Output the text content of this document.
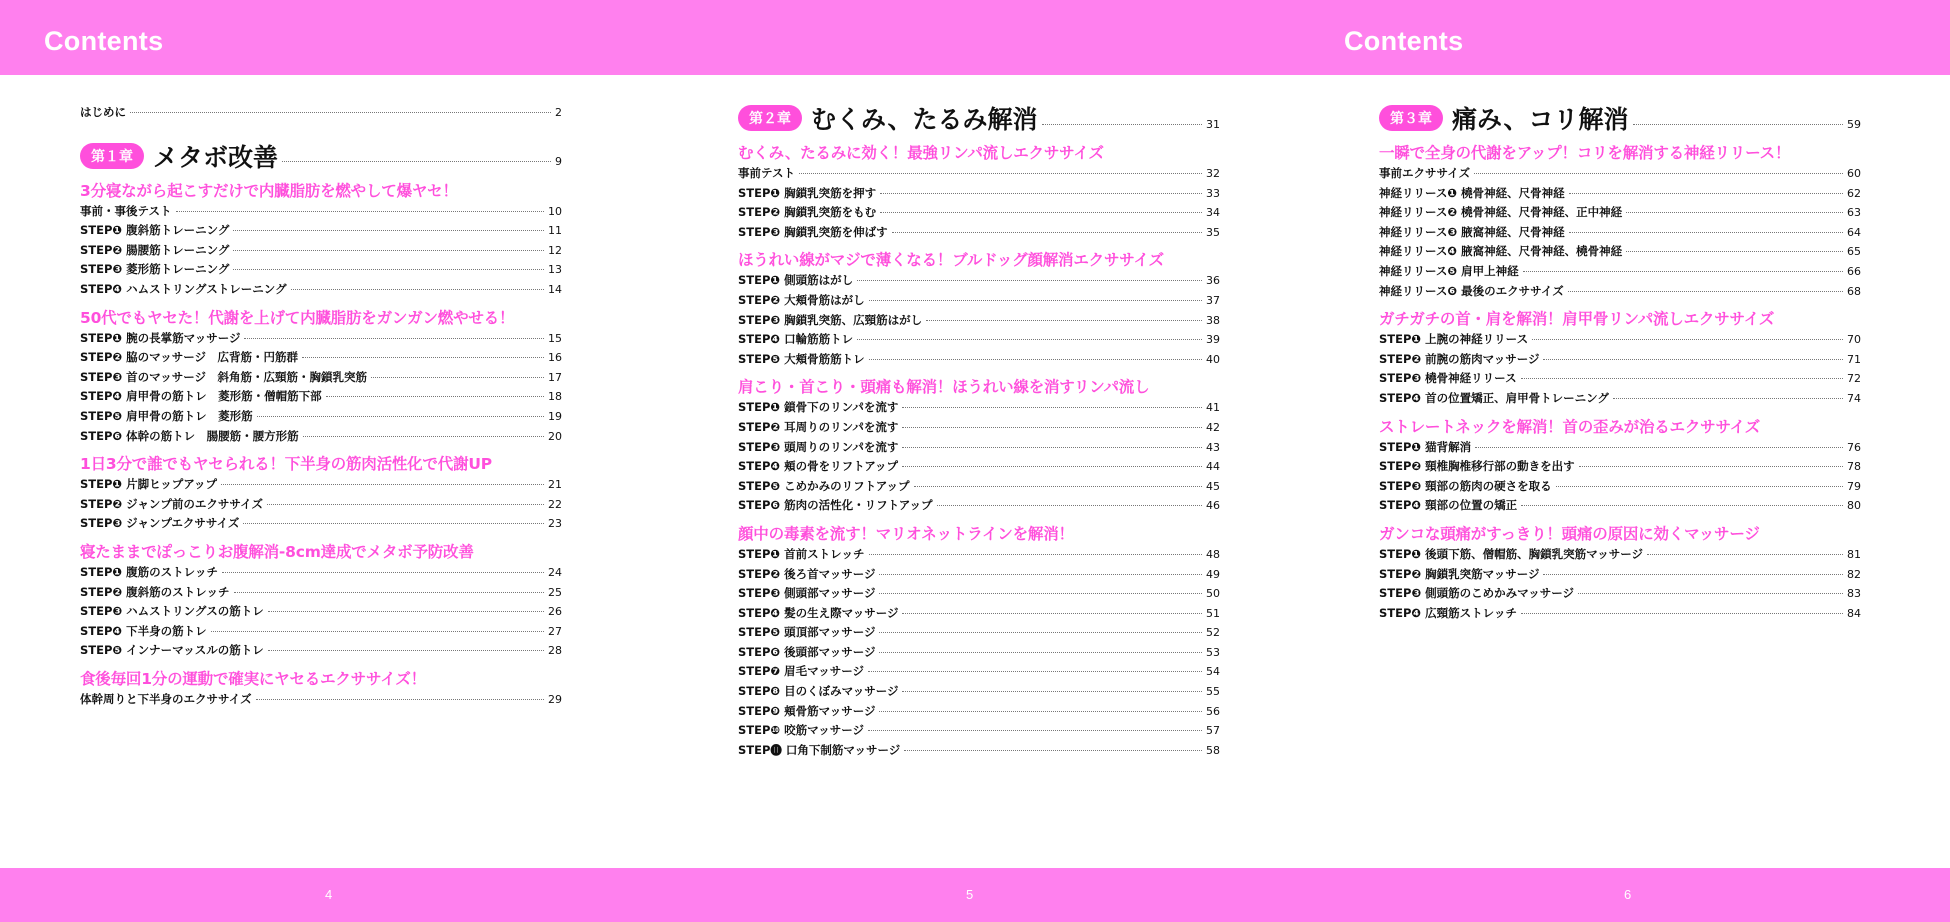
Contents	Contents
はじめに	2
第１章 メタボ改善	9
3分寝ながら起こすだけで内臓脂肪を燃やして爆ヤセ！
事前・事後テスト	10
STEP❶ 腹斜筋トレーニング	11
STEP❷ 腸腰筋トレーニング	12
STEP❸ 菱形筋トレーニング	13
STEP❹ ハムストリングストレーニング	14
50代でもヤセた！代謝を上げて内臓脂肪をガンガン燃やせる！
STEP❶ 腕の長掌筋マッサージ	15
STEP❷ 脇のマッサージ　広背筋・円筋群	16
STEP❸ 首のマッサージ　斜角筋・広頸筋・胸鎖乳突筋	17
STEP❹ 肩甲骨の筋トレ　菱形筋・僧帽筋下部	18
STEP❺ 肩甲骨の筋トレ　菱形筋	19
STEP❻ 体幹の筋トレ　腸腰筋・腰方形筋	20
1日3分で誰でもヤセられる！下半身の筋肉活性化で代謝UP
STEP❶ 片脚ヒップアップ	21
STEP❷ ジャンプ前のエクササイズ	22
STEP❸ ジャンプエクササイズ	23
寝たままでぽっこりお腹解消-8cm達成でメタボ予防改善
STEP❶ 腹筋のストレッチ	24
STEP❷ 腹斜筋のストレッチ	25
STEP❸ ハムストリングスの筋トレ	26
STEP❹ 下半身の筋トレ	27
STEP❺ インナーマッスルの筋トレ	28
食後毎回1分の運動で確実にヤセるエクササイズ！
体幹周りと下半身のエクササイズ	29
第２章 むくみ、たるみ解消	31
むくみ、たるみに効く！最強リンパ流しエクササイズ
事前テスト	32
STEP❶ 胸鎖乳突筋を押す	33
STEP❷ 胸鎖乳突筋をもむ	34
STEP❸ 胸鎖乳突筋を伸ばす	35
ほうれい線がマジで薄くなる！ブルドッグ顔解消エクササイズ
STEP❶ 側頭筋はがし	36
STEP❷ 大頬骨筋はがし	37
STEP❸ 胸鎖乳突筋、広頸筋はがし	38
STEP❹ 口輪筋筋トレ	39
STEP❺ 大頬骨筋筋トレ	40
肩こり・首こり・頭痛も解消！ほうれい線を消すリンパ流し
STEP❶ 鎖骨下のリンパを流す	41
STEP❷ 耳周りのリンパを流す	42
STEP❸ 頭周りのリンパを流す	43
STEP❹ 頬の骨をリフトアップ	44
STEP❺ こめかみのリフトアップ	45
STEP❻ 筋肉の活性化・リフトアップ	46
顔中の毒素を流す！マリオネットラインを解消！
STEP❶ 首前ストレッチ	48
STEP❷ 後ろ首マッサージ	49
STEP❸ 側頭部マッサージ	50
STEP❹ 髪の生え際マッサージ	51
STEP❺ 頭頂部マッサージ	52
STEP❻ 後頭部マッサージ	53
STEP❼ 眉毛マッサージ	54
STEP❽ 目のくぼみマッサージ	55
STEP❾ 頬骨筋マッサージ	56
STEP❿ 咬筋マッサージ	57
STEP⓫ 口角下制筋マッサージ	58
第３章 痛み、コリ解消	59
一瞬で全身の代謝をアップ！コリを解消する神経リリース！
事前エクササイズ	60
神経リリース❶ 橈骨神経、尺骨神経	62
神経リリース❷ 橈骨神経、尺骨神経、正中神経	63
神経リリース❸ 腋窩神経、尺骨神経	64
神経リリース❹ 腋窩神経、尺骨神経、橈骨神経	65
神経リリース❺ 肩甲上神経	66
神経リリース❻ 最後のエクササイズ	68
ガチガチの首・肩を解消！肩甲骨リンパ流しエクササイズ
STEP❶ 上腕の神経リリース	70
STEP❷ 前腕の筋肉マッサージ	71
STEP❸ 橈骨神経リリース	72
STEP❹ 首の位置矯正、肩甲骨トレーニング	74
ストレートネックを解消！首の歪みが治るエクササイズ
STEP❶ 猫背解消	76
STEP❷ 頸椎胸椎移行部の動きを出す	78
STEP❸ 頸部の筋肉の硬さを取る	79
STEP❹ 頸部の位置の矯正	80
ガンコな頭痛がすっきり！頭痛の原因に効くマッサージ
STEP❶ 後頭下筋、僧帽筋、胸鎖乳突筋マッサージ	81
STEP❷ 胸鎖乳突筋マッサージ	82
STEP❸ 側頭筋のこめかみマッサージ	83
STEP❹ 広頸筋ストレッチ	84
4	5	6
